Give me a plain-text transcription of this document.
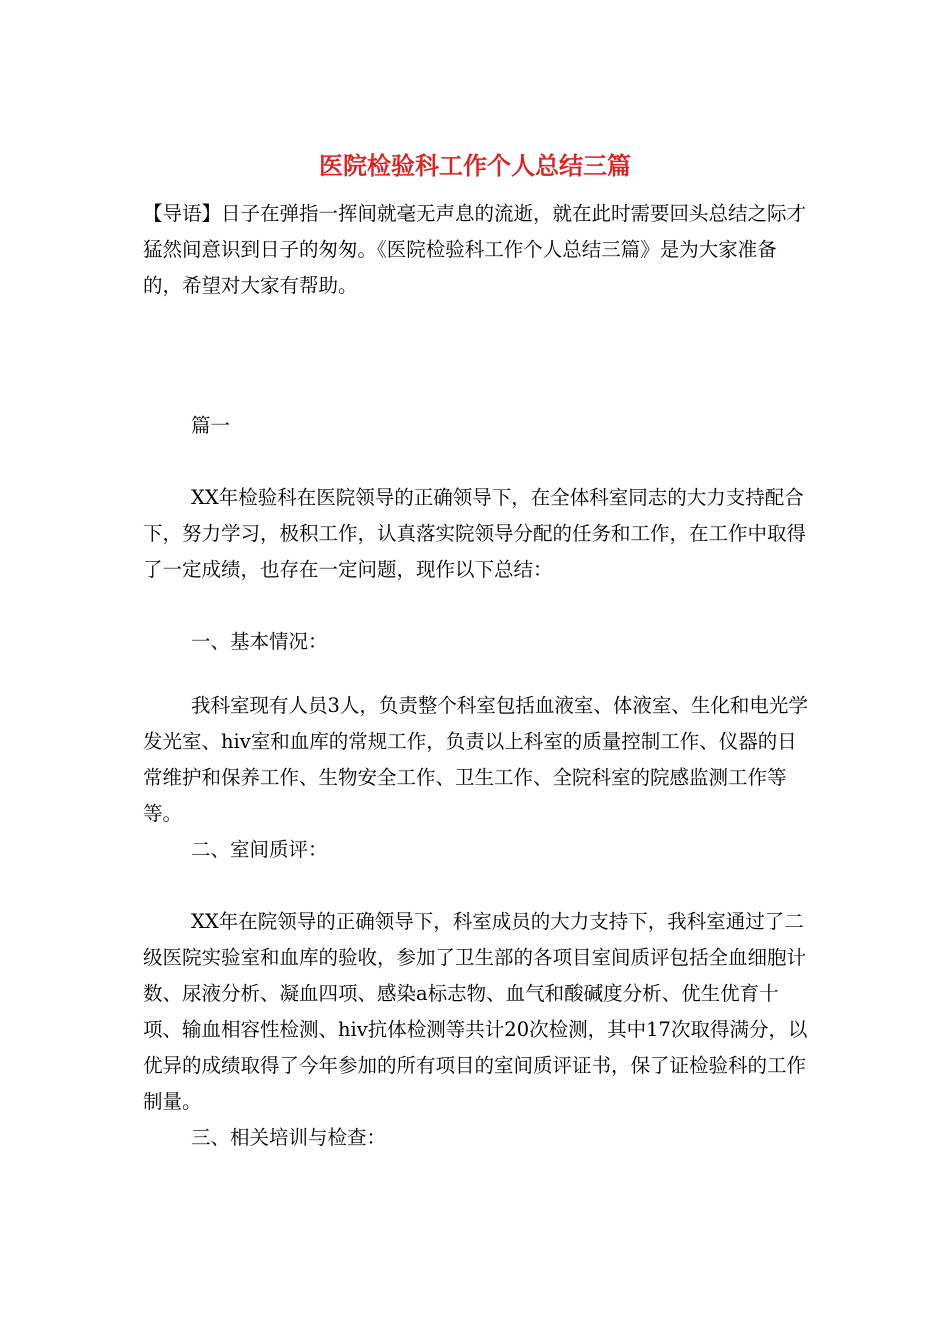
医院检验科工作个人总结三篇

【导语】日子在弹指一挥间就毫无声息的流逝，就在此时需要回头总结之际才猛然间意识到日子的匆匆。《医院检验科工作个人总结三篇》是为大家准备的，希望对大家有帮助。

篇一

XX年检验科在医院领导的正确领导下，在全体科室同志的大力支持配合下，努力学习，极积工作，认真落实院领导分配的任务和工作，在工作中取得了一定成绩，也存在一定问题，现作以下总结：

一、基本情况：

我科室现有人员3人，负责整个科室包括血液室、体液室、生化和电光学发光室、hiv室和血库的常规工作，负责以上科室的质量控制工作、仪器的日常维护和保养工作、生物安全工作、卫生工作、全院科室的院感监测工作等等。

二、室间质评：

XX年在院领导的正确领导下，科室成员的大力支持下，我科室通过了二级医院实验室和血库的验收，参加了卫生部的各项目室间质评包括全血细胞计数、尿液分析、凝血四项、感染a标志物、血气和酸碱度分析、优生优育十项、输血相容性检测、hiv抗体检测等共计20次检测，其中17次取得满分，以优异的成绩取得了今年参加的所有项目的室间质评证书，保了证检验科的工作制量。

三、相关培训与检查：
